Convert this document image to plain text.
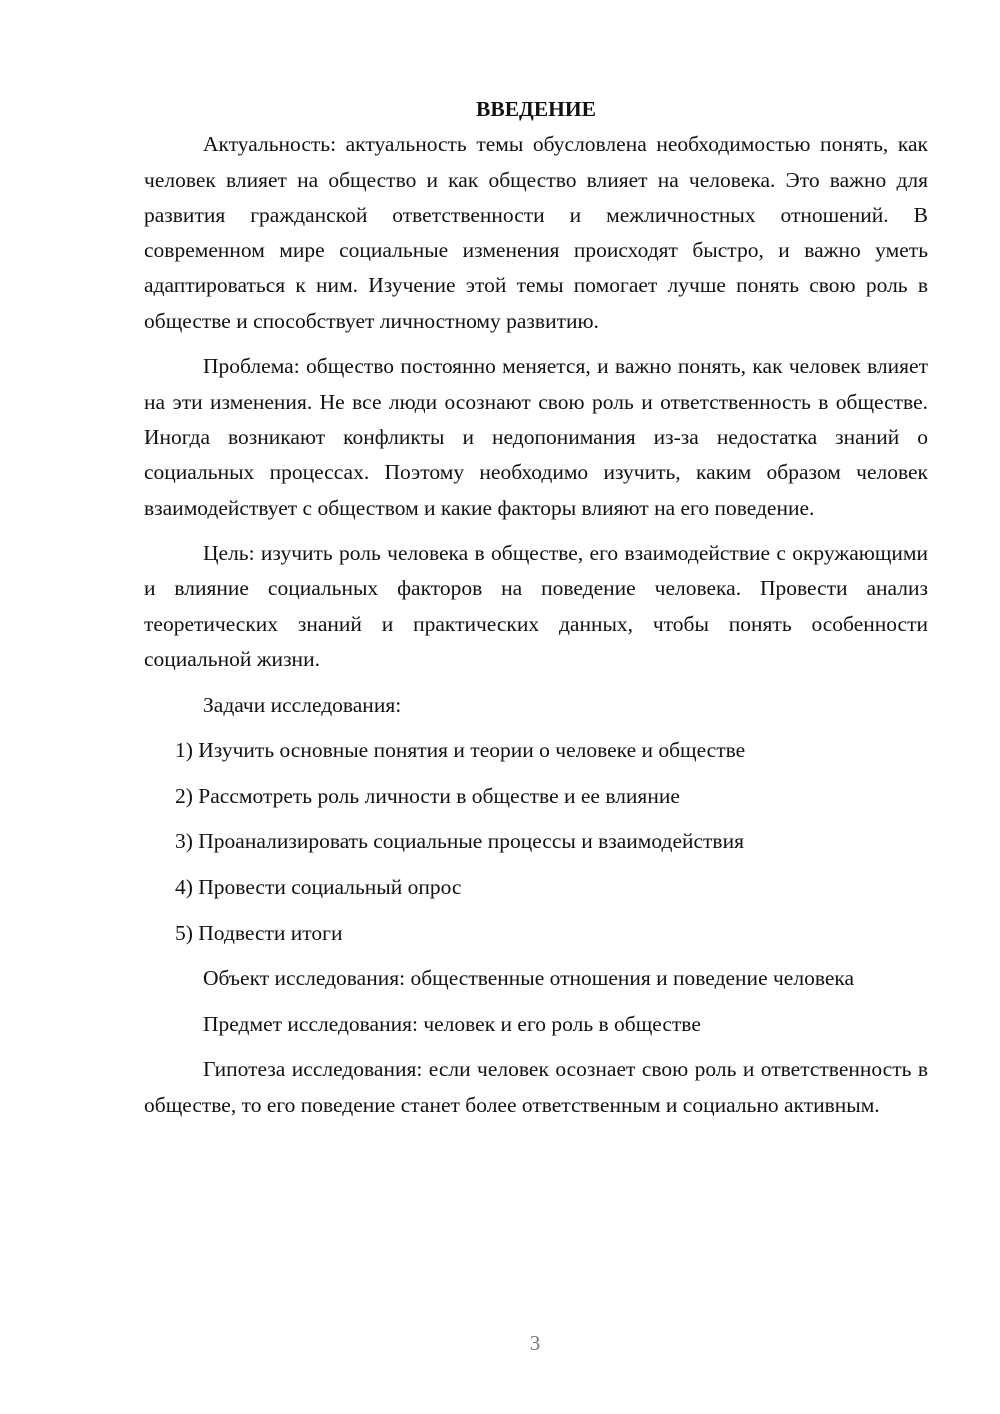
ВВЕДЕНИЕ

Актуальность: актуальность темы обусловлена необходимостью понять, как человек влияет на общество и как общество влияет на человека. Это важно для развития гражданской ответственности и межличностных отношений. В современном мире социальные изменения происходят быстро, и важно уметь адаптироваться к ним. Изучение этой темы помогает лучше понять свою роль в обществе и способствует личностному развитию.

Проблема: общество постоянно меняется, и важно понять, как человек влияет на эти изменения. Не все люди осознают свою роль и ответственность в обществе. Иногда возникают конфликты и недопонимания из-за недостатка знаний о социальных процессах. Поэтому необходимо изучить, каким образом человек взаимодействует с обществом и какие факторы влияют на его поведение.

Цель: изучить роль человека в обществе, его взаимодействие с окружающими и влияние социальных факторов на поведение человека. Провести анализ теоретических знаний и практических данных, чтобы понять особенности социальной жизни.

Задачи исследования:

1) Изучить основные понятия и теории о человеке и обществе
2) Рассмотреть роль личности в обществе и ее влияние
3) Проанализировать социальные процессы и взаимодействия
4) Провести социальный опрос
5) Подвести итоги

Объект исследования: общественные отношения и поведение человека

Предмет исследования: человек и его роль в обществе

Гипотеза исследования: если человек осознает свою роль и ответственность в обществе, то его поведение станет более ответственным и социально активным.

3
